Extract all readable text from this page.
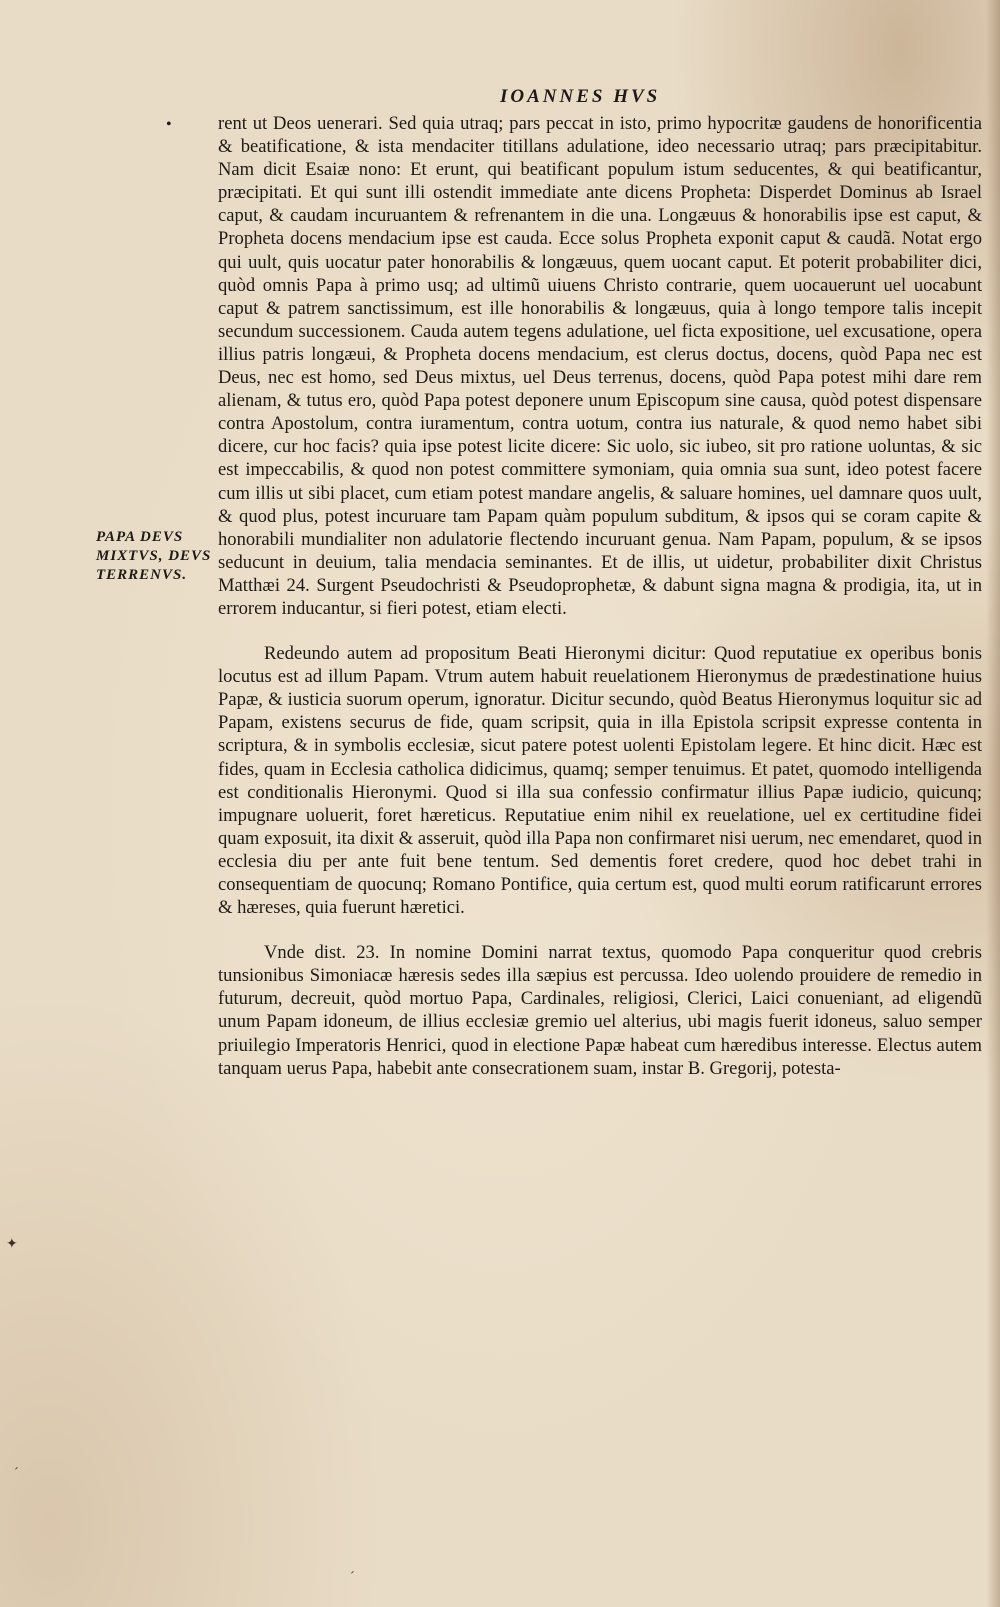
IOANNES HVS
•
PAPA DEVS MIXTVS, DEVS TERRENVS.

rent ut Deos uenerari. Sed quia utraq; pars peccat in isto, primo hypocritæ gaudens de honorificentia & beatificatione, & ista mendaciter titillans adulatione, ideo necessario utraq; pars præcipitabitur. Nam dicit Esaiæ nono: Et erunt, qui beatificant populum istum seducentes, & qui beatificantur, præcipitati. Et qui sunt illi ostendit immediate ante dicens Propheta: Disperdet Dominus ab Israel caput, & caudam incuruantem & refrenantem in die una. Longæuus & honorabilis ipse est caput, & Propheta docens mendacium ipse est cauda. Ecce solus Propheta exponit caput & caudã. Notat ergo qui uult, quis uocatur pater honorabilis & longæuus, quem uocant caput. Et poterit probabiliter dici, quòd omnis Papa à primo usq; ad ultimũ uiuens Christo contrarie, quem uocauerunt uel uocabunt caput & patrem sanctissimum, est ille honorabilis & longæuus, quia à longo tempore talis incepit secundum successionem. Cauda autem tegens adulatione, uel ficta expositione, uel excusatione, opera illius patris longæui, & Propheta docens mendacium, est clerus doctus, docens, quòd Papa nec est Deus, nec est homo, sed Deus mixtus, uel Deus terrenus, docens, quòd Papa potest mihi dare rem alienam, & tutus ero, quòd Papa potest deponere unum Episcopum sine causa, quòd potest dispensare contra Apostolum, contra iuramentum, contra uotum, contra ius naturale, & quod nemo habet sibi dicere, cur hoc facis? quia ipse potest licite dicere: Sic uolo, sic iubeo, sit pro ratione uoluntas, & sic est impeccabilis, & quod non potest committere symoniam, quia omnia sua sunt, ideo potest facere cum illis ut sibi placet, cum etiam potest mandare angelis, & saluare homines, uel damnare quos uult, & quod plus, potest incuruare tam Papam quàm populum subditum, & ipsos qui se coram capite & honorabili mundialiter non adulatorie flectendo incuruant genua. Nam Papam, populum, & se ipsos seducunt in deuium, talia mendacia seminantes. Et de illis, ut uidetur, probabiliter dixit Christus Matthæi 24. Surgent Pseudochristi & Pseudoprophetæ, & dabunt signa magna & prodigia, ita, ut in errorem inducantur, si fieri potest, etiam electi.

Redeundo autem ad propositum Beati Hieronymi dicitur: Quod reputatiue ex operibus bonis locutus est ad illum Papam. Vtrum autem habuit reuelationem Hieronymus de prædestinatione huius Papæ, & iusticia suorum operum, ignoratur. Dicitur secundo, quòd Beatus Hieronymus loquitur sic ad Papam, existens securus de fide, quam scripsit, quia in illa Epistola scripsit expresse contenta in scriptura, & in symbolis ecclesiæ, sicut patere potest uolenti Epistolam legere. Et hinc dicit. Hæc est fides, quam in Ecclesia catholica didicimus, quamq; semper tenuimus. Et patet, quomodo intelligenda est conditionalis Hieronymi. Quod si illa sua confessio confirmatur illius Papæ iudicio, quicunq; impugnare uoluerit, foret hæreticus. Reputatiue enim nihil ex reuelatione, uel ex certitudine fidei quam exposuit, ita dixit & asseruit, quòd illa Papa non confirmaret nisi uerum, nec emendaret, quod in ecclesia diu per ante fuit bene tentum. Sed dementis foret credere, quod hoc debet trahi in consequentiam de quocunq; Romano Pontifice, quia certum est, quod multi eorum ratificarunt errores & hæreses, quia fuerunt hæretici.

Vnde dist. 23. In nomine Domini narrat textus, quomodo Papa conqueritur quod crebris tunsionibus Simoniacæ hæresis sedes illa sæpius est percussa. Ideo uolendo prouidere de remedio in futurum, decreuit, quòd mortuo Papa, Cardinales, religiosi, Clerici, Laici conueniant, ad eligendũ unum Papam idoneum, de illius ecclesiæ gremio uel alterius, ubi magis fuerit idoneus, saluo semper priuilegio Imperatoris Henrici, quod in electione Papæ habeat cum hæredibus interesse. Electus autem tanquam uerus Papa, habebit ante consecrationem suam, instar B. Gregorij, potesta-

✦
ˊ
ˊ
